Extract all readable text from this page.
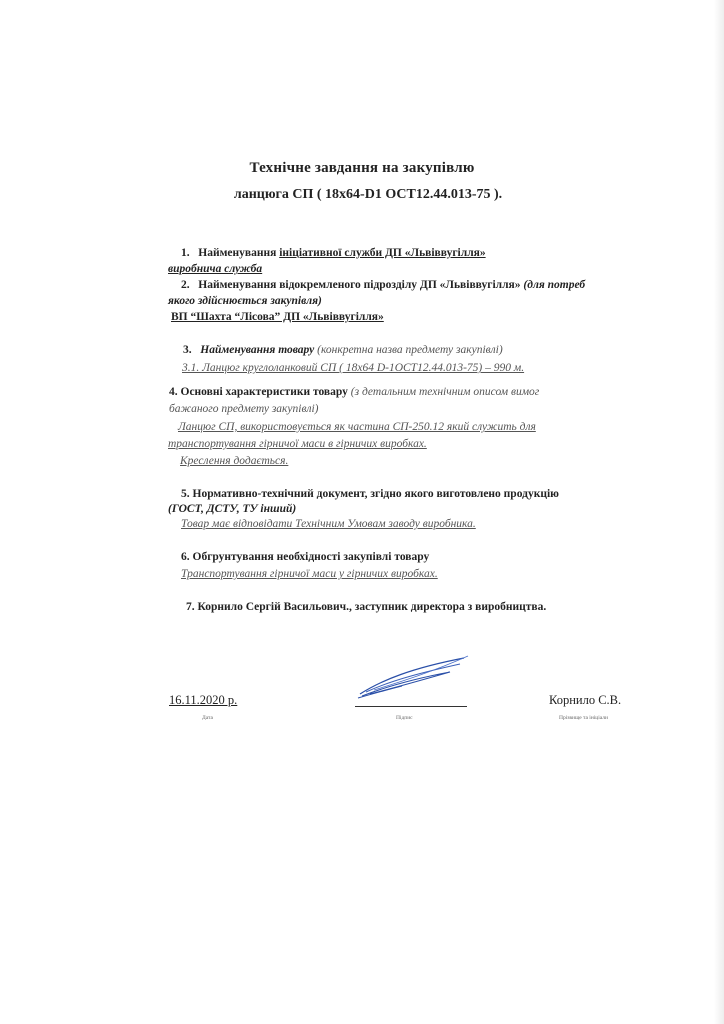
Технічне завдання на закупівлю
ланцюга СП ( 18х64-D1 ОСТ12.44.013-75 ).
1. Найменування ініціативної служби ДП «Львіввугілля»
виробнича служба
2. Найменування відокремленого підрозділу ДП «Львіввугілля» (для потреб
якого здійснюється закупівля)
ВП “Шахта “Лісова” ДП «Львіввугілля»
3. Найменування товару (конкретна назва предмету закупівлі)
3.1. Ланцюг круглоланковий СП ( 18х64 D-1ОСТ12.44.013-75) – 990 м.
4. Основні характеристики товару (з детальним технічним описом вимог
бажаного предмету закупівлі)
Ланцюг СП, використовується як частина СП-250.12 який служить для
транспортування гірничої маси в гірничих виробках.
Креслення додається.
5. Нормативно-технічний документ, згідно якого виготовлено продукцію
(ГОСТ, ДСТУ, ТУ інший)
Товар має відповідати Технічним Умовам заводу виробника.
6. Обгрунтування необхідності закупівлі товару
Транспортування гірничої маси у гірничих виробках.
7. Корнило Сергій Васильович., заступник директора з виробництва.
16.11.2020 р.
Дата	Підпис
Корнило С.В.
Прізвище та ініціали
